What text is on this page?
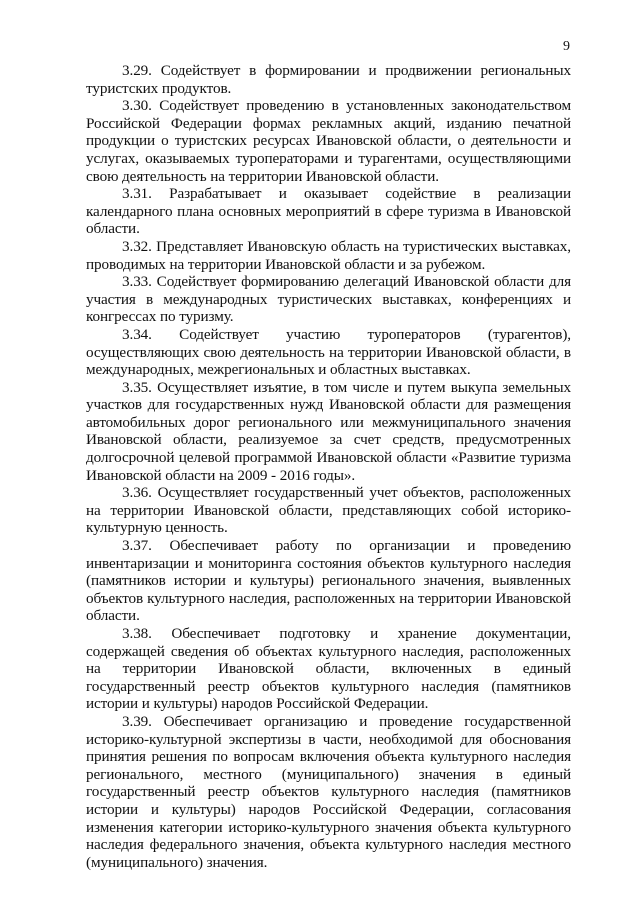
9

3.29. Содействует в формировании и продвижении региональных туристских продуктов.

3.30. Содействует проведению в установленных законодательством Российской Федерации формах рекламных акций, изданию печатной продукции о туристских ресурсах Ивановской области, о деятельности и услугах, оказываемых туроператорами и турагентами, осуществляющими свою деятельность на территории Ивановской области.

3.31. Разрабатывает и оказывает содействие в реализации календарного плана основных мероприятий в сфере туризма в Ивановской области.

3.32. Представляет Ивановскую область на туристических выставках, проводимых на территории Ивановской области и за рубежом.

3.33. Содействует формированию делегаций Ивановской области для участия в международных туристических выставках, конференциях и конгрессах по туризму.

3.34. Содействует участию туроператоров (турагентов), осуществляющих свою деятельность на территории Ивановской области, в международных, межрегиональных и областных выставках.

3.35. Осуществляет изъятие, в том числе и путем выкупа земельных участков для государственных нужд Ивановской области для размещения автомобильных дорог регионального или межмуниципального значения Ивановской области, реализуемое за счет средств, предусмотренных долгосрочной целевой программой Ивановской области «Развитие туризма Ивановской области на 2009 - 2016 годы».

3.36. Осуществляет государственный учет объектов, расположенных на территории Ивановской области, представляющих собой историко-культурную ценность.

3.37. Обеспечивает работу по организации и проведению инвентаризации и мониторинга состояния объектов культурного наследия (памятников истории и культуры) регионального значения, выявленных объектов культурного наследия, расположенных на территории Ивановской области.

3.38. Обеспечивает подготовку и хранение документации, содержащей сведения об объектах культурного наследия, расположенных на территории Ивановской области, включенных в единый государственный реестр объектов культурного наследия (памятников истории и культуры) народов Российской Федерации.

3.39. Обеспечивает организацию и проведение государственной историко-культурной экспертизы в части, необходимой для обоснования принятия решения по вопросам включения объекта культурного наследия регионального, местного (муниципального) значения в единый государственный реестр объектов культурного наследия (памятников истории и культуры) народов Российской Федерации, согласования изменения категории историко-культурного значения объекта культурного наследия федерального значения, объекта культурного наследия местного (муниципального) значения.
